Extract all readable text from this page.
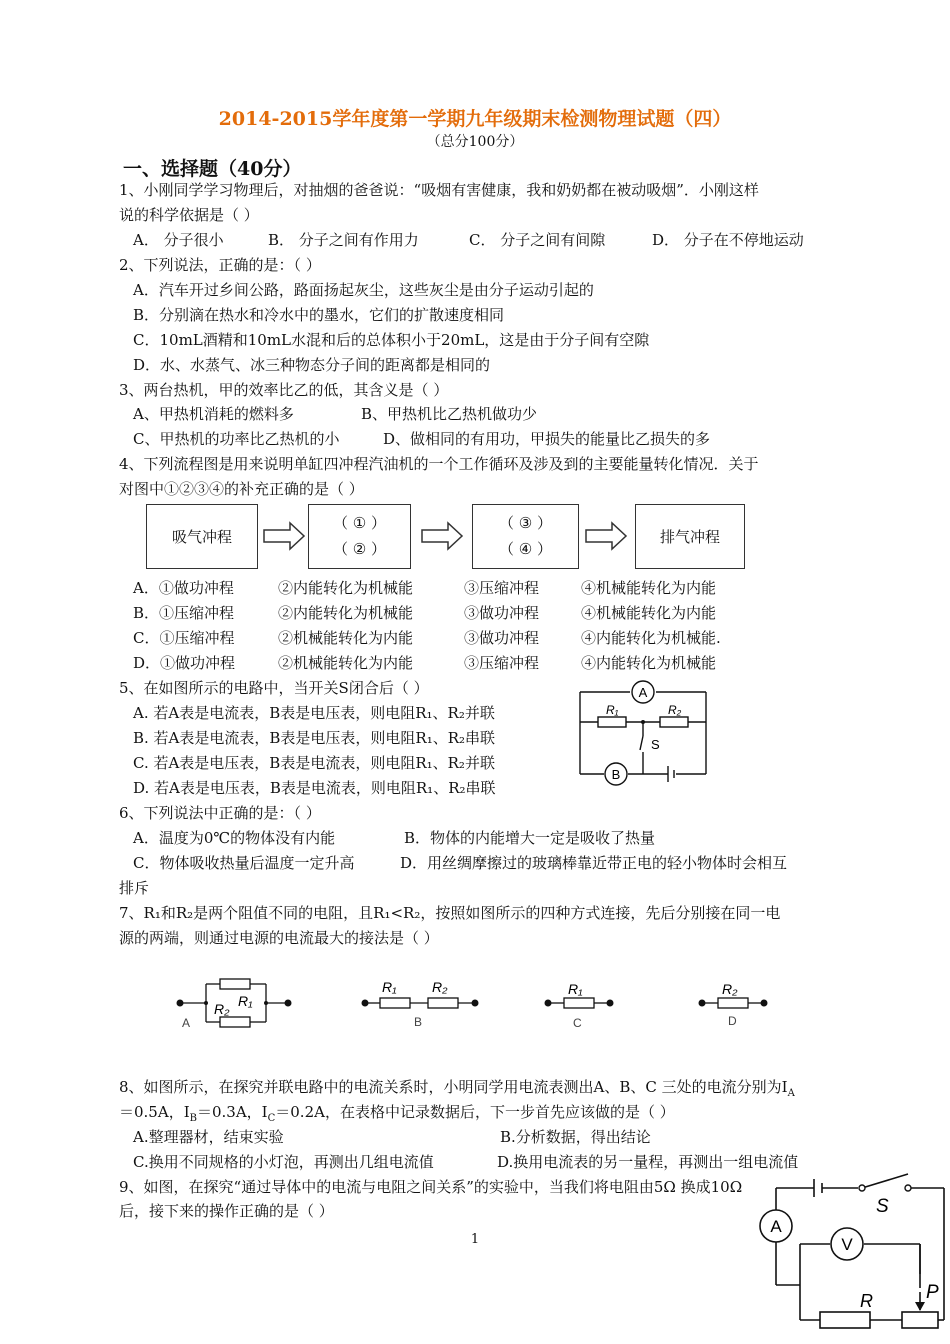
2014-2015学年度第一学期九年级期末检测物理试题（四）
（总分100分）
一、选择题（40分）
1、小刚同学学习物理后，对抽烟的爸爸说：“吸烟有害健康，我和奶奶都在被动吸烟”．小刚这样
说的科学依据是（ ）
A． 分子很小	B． 分子之间有作用力	C． 分子之间有间隙	D． 分子在不停地运动
2、下列说法，正确的是：（ ）
A．汽车开过乡间公路，路面扬起灰尘，这些灰尘是由分子运动引起的
B．分别滴在热水和冷水中的墨水，它们的扩散速度相同
C．10mL酒精和10mL水混和后的总体积小于20mL，这是由于分子间有空隙
D．水、水蒸气、冰三种物态分子间的距离都是相同的
3、两台热机，甲的效率比乙的低，其含义是（ ）
A、甲热机消耗的燃料多	B、甲热机比乙热机做功少
C、甲热机的功率比乙热机的小	D、做相同的有用功，甲损失的能量比乙损失的多
4、下列流程图是用来说明单缸四冲程汽油机的一个工作循环及涉及到的主要能量转化情况．关于
对图中①②③④的补充正确的是（ ）
吸气冲程
（ ① ）
（ ② ）
（ ③ ）
（ ④ ）
排气冲程
A．①做功冲程	②内能转化为机械能	③压缩冲程	④机械能转化为内能
B．①压缩冲程	②内能转化为机械能	③做功冲程	④机械能转化为内能
C．①压缩冲程	②机械能转化为内能	③做功冲程	④内能转化为机械能.
D．①做功冲程	②机械能转化为内能	③压缩冲程	④内能转化为机械能
5、在如图所示的电路中，当开关S闭合后（ ）
A. 若A表是电流表，B表是电压表，则电阻R₁、R₂并联
B. 若A表是电流表，B表是电压表，则电阻R₁、R₂串联
C. 若A表是电压表，B表是电流表，则电阻R₁、R₂并联
D. 若A表是电压表，B表是电流表，则电阻R₁、R₂串联
A
B
R₁	R₂
S
6、下列说法中正确的是：（ ）
A．温度为0℃的物体没有内能	B．物体的内能增大一定是吸收了热量
C．物体吸收热量后温度一定升高	D．用丝绸摩擦过的玻璃棒靠近带正电的轻小物体时会相互
排斥
7、R₁和R₂是两个阻值不同的电阻，且R₁<R₂，按照如图所示的四种方式连接，先后分别接在同一电
源的两端，则通过电源的电流最大的接法是（ ）
R₂ R₁
A
R₁	R₂
B
R₁
C
R₂
D
8、如图所示，在探究并联电路中的电流关系时，小明同学用电流表测出A、B、C 三处的电流分别为$I_A$
＝0.5A，$I_B=0.3A$，$I_C=0.2A$，在表格中记录数据后，下一步首先应该做的是（ ）
A.整理器材，结束实验	B.分析数据，得出结论
C.换用不同规格的小灯泡，再测出几组电流值	D.换用电流表的另一量程，再测出一组电流值
9、如图，在探究“通过导体中的电流与电阻之间关系”的实验中，当我们将电阻由5Ω 换成10Ω
后，接下来的操作正确的是（ ）
A
V
R
S
P
1
